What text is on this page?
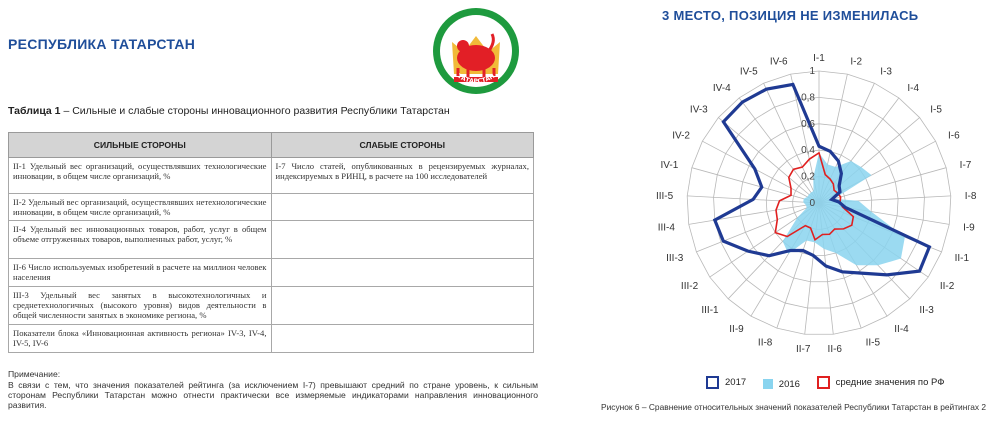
РЕСПУБЛИКА ТАТАРСТАН
ТАТАРСТАН
Таблица 1 – Сильные и слабые стороны инновационного развития Республики Татарстан
СИЛЬНЫЕ СТОРОНЫ	СЛАБЫЕ СТОРОНЫ
II-1 Удельный вес организаций, осуществлявших технологические инновации, в общем числе организаций, %	I-7 Число статей, опубликованных в рецензируемых журналах, индексируемых в РИНЦ, в расчете на 100 исследователей
II-2 Удельный вес организаций, осуществлявших нетехнологические инновации, в общем числе организаций, %	
II-4 Удельный вес инновационных товаров, работ, услуг в общем объеме отгруженных товаров, выполненных работ, услуг, %	
II-6 Число используемых изобретений в расчете на миллион человек населения	
III-3 Удельный вес занятых в высокотехнологичных и среднетехнологичных (высокого уровня) видов деятельности в общей численности занятых в экономике региона, %	
Показатели блока «Инновационная активность региона» IV-3, IV-4, IV-5, IV-6	
Примечание:
В связи с тем, что значения показателей рейтинга (за исключением I-7) превышают средний по стране уровень, к сильным сторонам Республики Татарстан можно отнести практически все измеряемые индикаторами направления инновационного развития.
3 МЕСТО, ПОЗИЦИЯ НЕ ИЗМЕНИЛАСЬ
0
0,2
0,4
0,6
0,8
1
I-1	I-2
I-3
I-4
I-5
I-6
I-7
I-8
I-9
II-1
II-2
II-3
II-4
II-5
II-6
II-7
II-8
II-9
III-1
III-2
III-3
III-4
III-5
IV-1
IV-2
IV-3
IV-4
IV-5
IV-6
2017
	2016
	средние значения по РФ
Рисунок 6 – Сравнение относительных значений показателей Республики Татарстан в рейтингах 2
